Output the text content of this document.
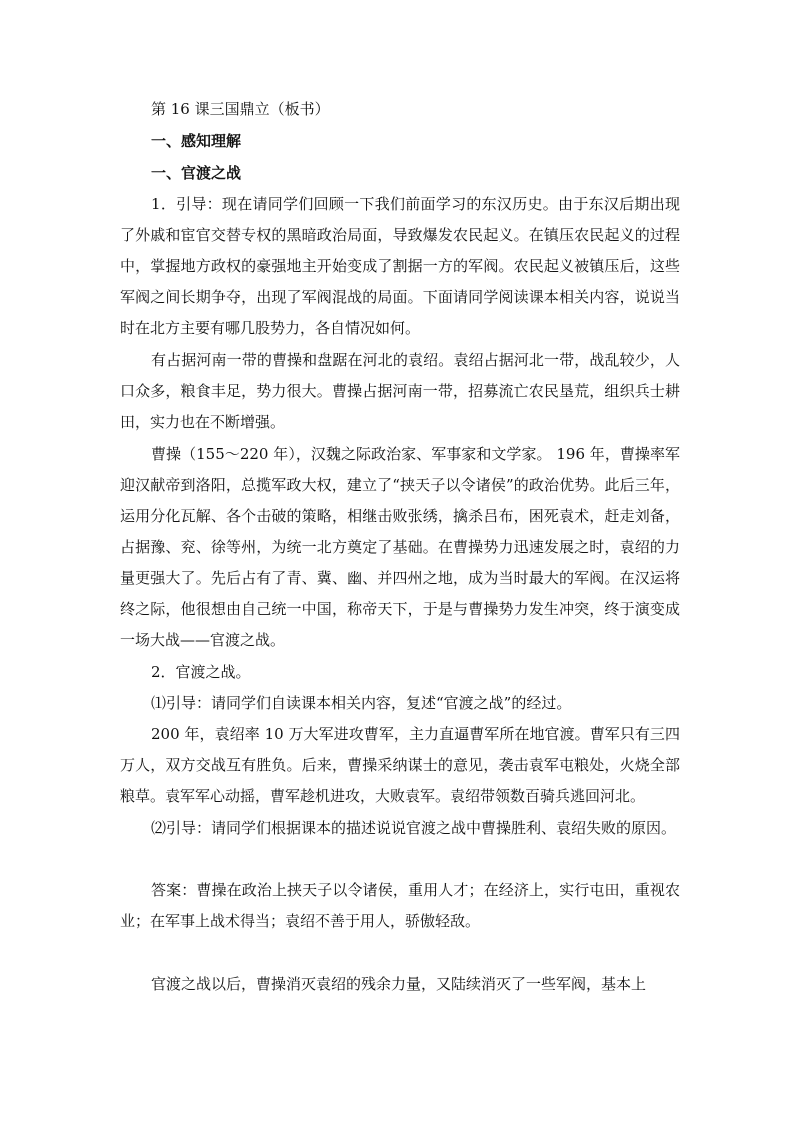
第 16 课三国鼎立（板书）
一、感知理解
一、官渡之战
1．引导：现在请同学们回顾一下我们前面学习的东汉历史。由于东汉后期出现了外戚和宦官交替专权的黑暗政治局面，导致爆发农民起义。在镇压农民起义的过程中，掌握地方政权的豪强地主开始变成了割据一方的军阀。农民起义被镇压后，这些军阀之间长期争夺，出现了军阀混战的局面。下面请同学阅读课本相关内容，说说当时在北方主要有哪几股势力，各自情况如何。
有占据河南一带的曹操和盘踞在河北的袁绍。袁绍占据河北一带，战乱较少，人口众多，粮食丰足，势力很大。曹操占据河南一带，招募流亡农民垦荒，组织兵士耕田，实力也在不断增强。
曹操（155～220 年），汉魏之际政治家、军事家和文学家。 196 年，曹操率军迎汉献帝到洛阳，总揽军政大权，建立了“挟天子以令诸侯”的政治优势。此后三年，运用分化瓦解、各个击破的策略，相继击败张绣，擒杀吕布，困死袁术，赶走刘备，占据豫、兖、徐等州，为统一北方奠定了基础。在曹操势力迅速发展之时，袁绍的力量更强大了。先后占有了青、冀、幽、并四州之地，成为当时最大的军阀。在汉运将终之际，他很想由自己统一中国，称帝天下，于是与曹操势力发生冲突，终于演变成一场大战——官渡之战。
2．官渡之战。
⑴引导：请同学们自读课本相关内容，复述“官渡之战”的经过。
200 年，袁绍率 10 万大军进攻曹军，主力直逼曹军所在地官渡。曹军只有三四万人，双方交战互有胜负。后来，曹操采纳谋士的意见，袭击袁军屯粮处，火烧全部粮草。袁军军心动摇，曹军趁机进攻，大败袁军。袁绍带领数百骑兵逃回河北。
⑵引导：请同学们根据课本的描述说说官渡之战中曹操胜利、袁绍失败的原因。
答案：曹操在政治上挟天子以令诸侯，重用人才；在经济上，实行屯田，重视农业；在军事上战术得当；袁绍不善于用人，骄傲轻敌。
官渡之战以后，曹操消灭袁绍的残余力量，又陆续消灭了一些军阀，基本上
